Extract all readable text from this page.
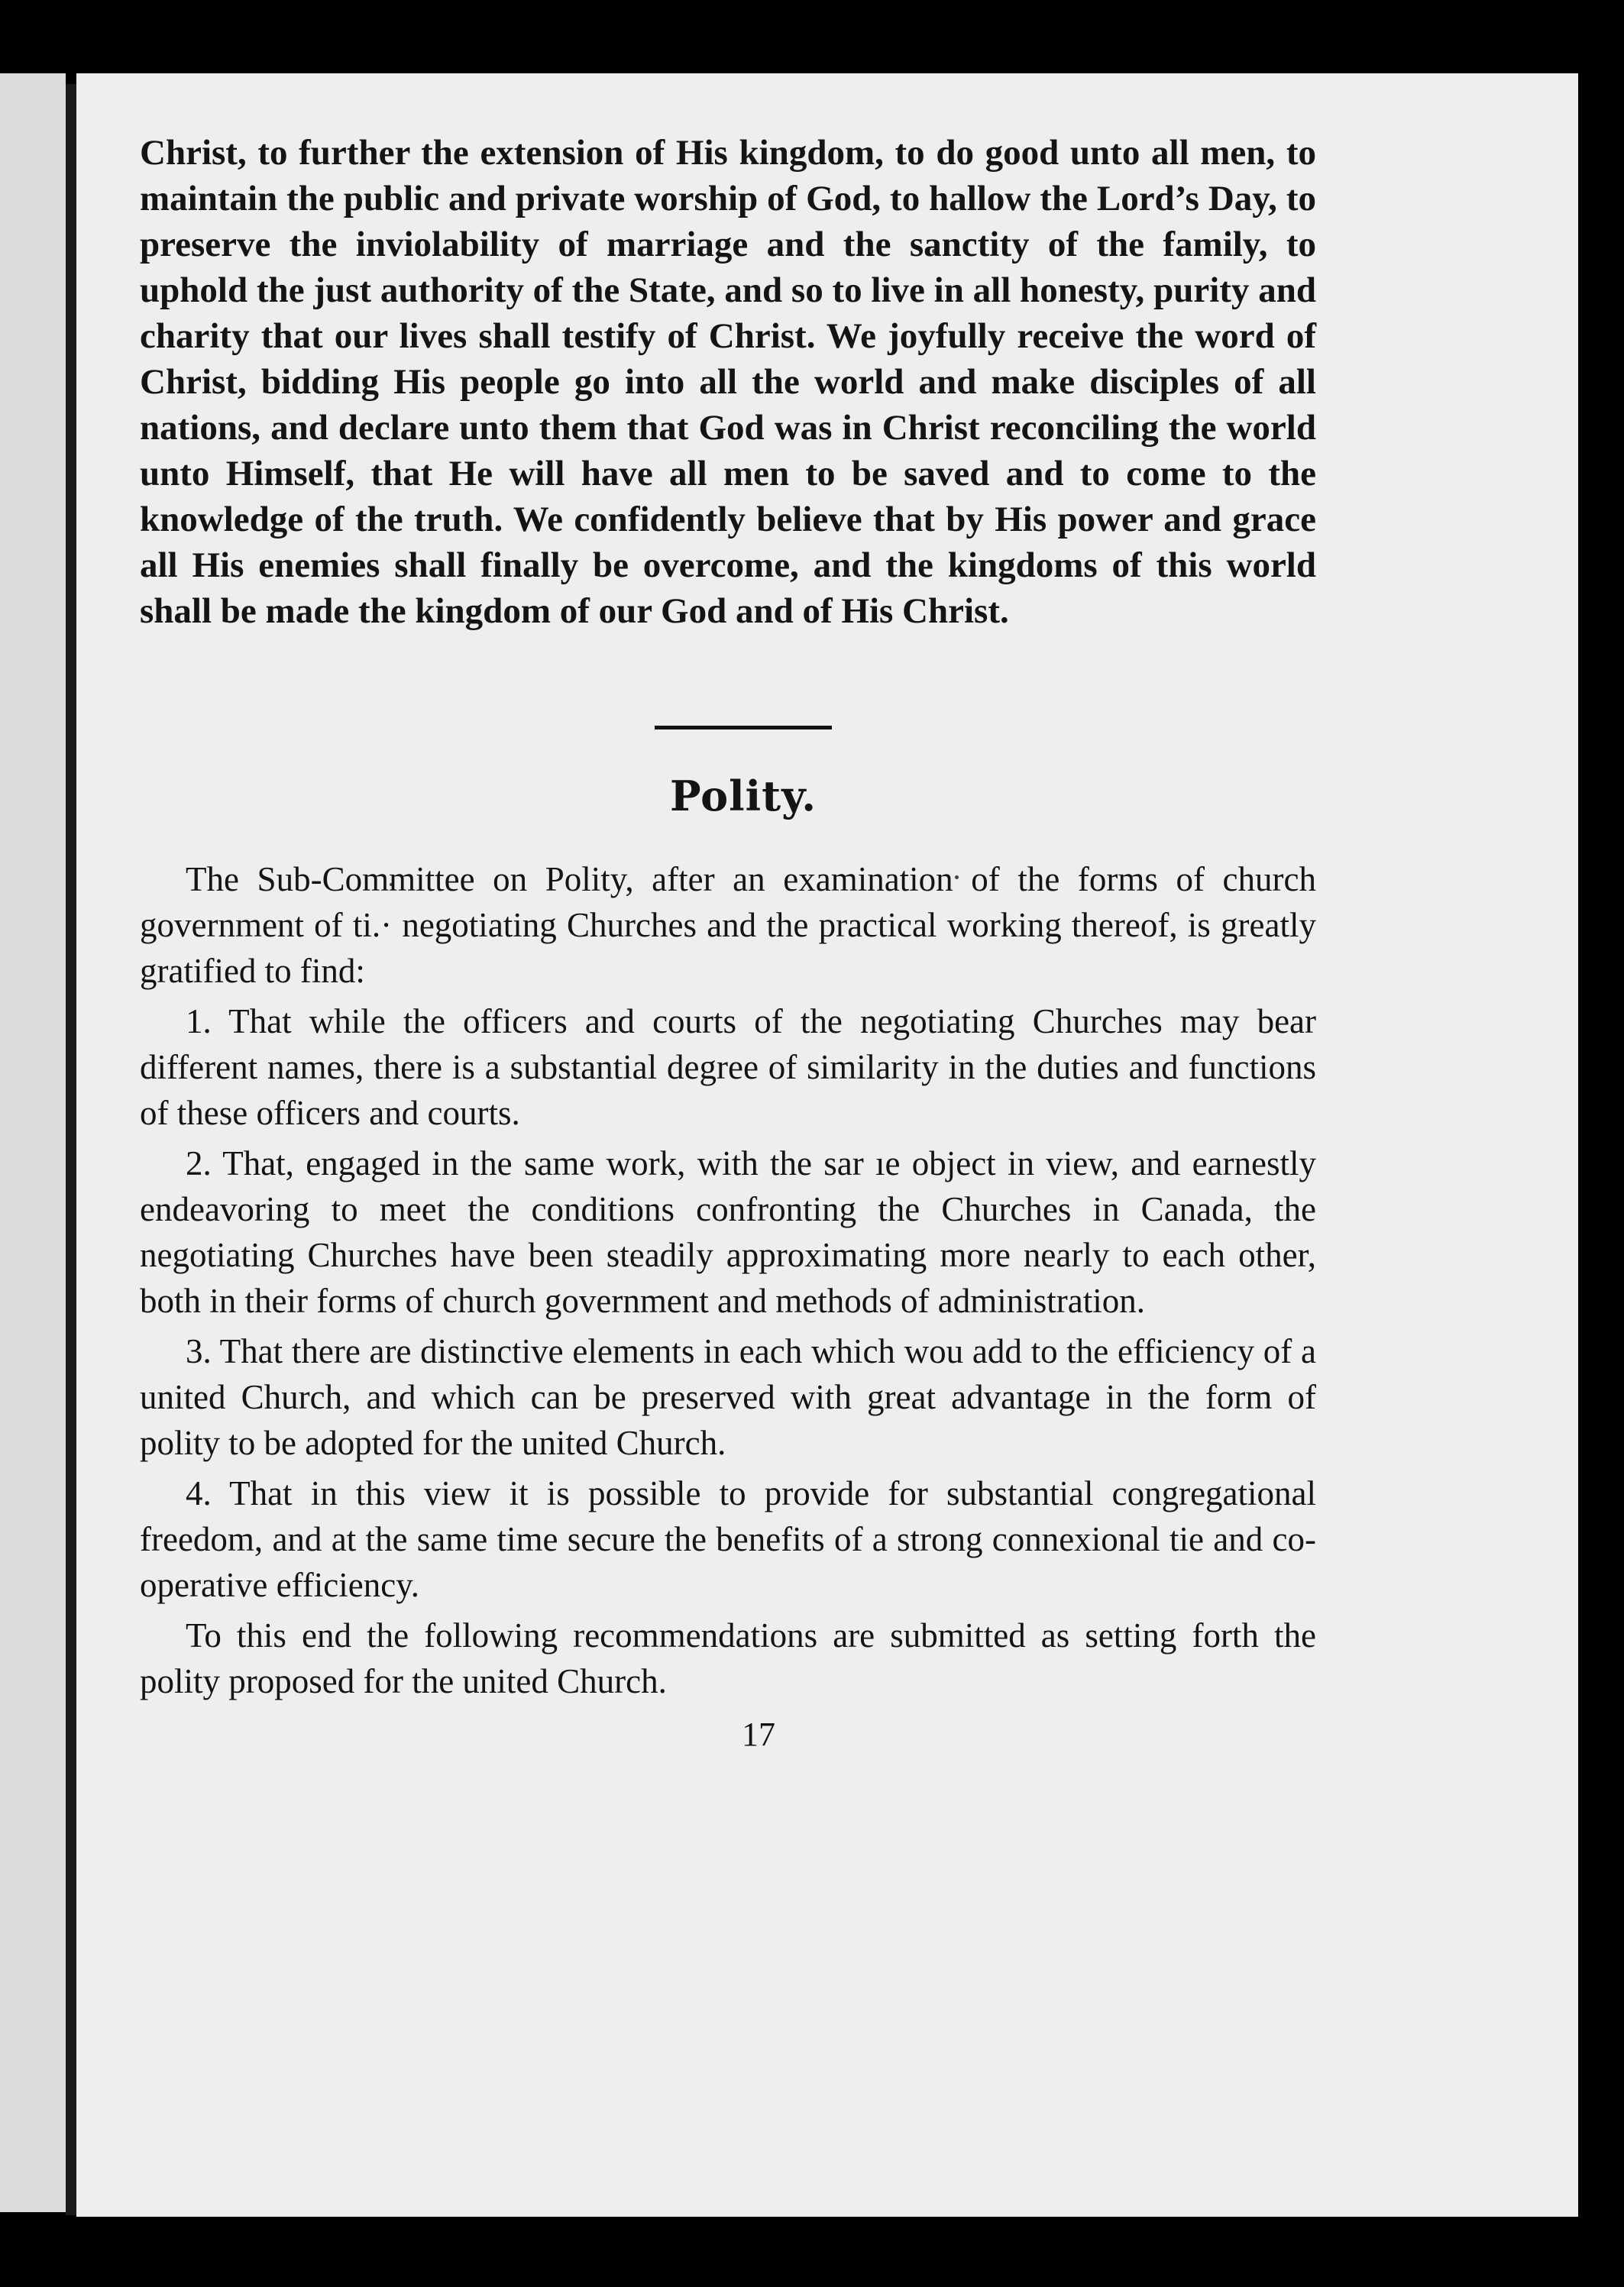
Christ, to further the extension of His kingdom, to do good unto all men, to maintain the public and private worship of God, to hallow the Lord’s Day, to preserve the inviolability of marriage and the sanctity of the family, to uphold the just authority of the State, and so to live in all honesty, purity and charity that our lives shall testify of Christ. We joyfully receive the word of Christ, bidding His people go into all the world and make disciples of all nations, and declare unto them that God was in Christ reconciling the world unto Himself, that He will have all men to be saved and to come to the knowledge of the truth. We confidently believe that by His power and grace all His enemies shall finally be overcome, and the kingdoms of this world shall be made the kingdom of our God and of His Christ.

Polity.

The Sub-Committee on Polity, after an examination of the forms of church government of ti.· negotiating Churches and the practical working thereof, is greatly gratified to find:

1. That while the officers and courts of the negotiating Churches may bear different names, there is a substantial degree of similarity in the duties and functions of these officers and courts.

2. That, engaged in the same work, with the sar ıe object in view, and earnestly endeavoring to meet the conditions confronting the Churches in Canada, the negotiating Churches have been steadily approximating more nearly to each other, both in their forms of church government and methods of administration.

3. That there are distinctive elements in each which wou add to the efficiency of a united Church, and which can be preserved with great advantage in the form of polity to be adopted for the united Church.

4. That in this view it is possible to provide for substantial congregational freedom, and at the same time secure the benefits of a strong connexional tie and co-operative efficiency.

To this end the following recommendations are submitted as setting forth the polity proposed for the united Church.

17
